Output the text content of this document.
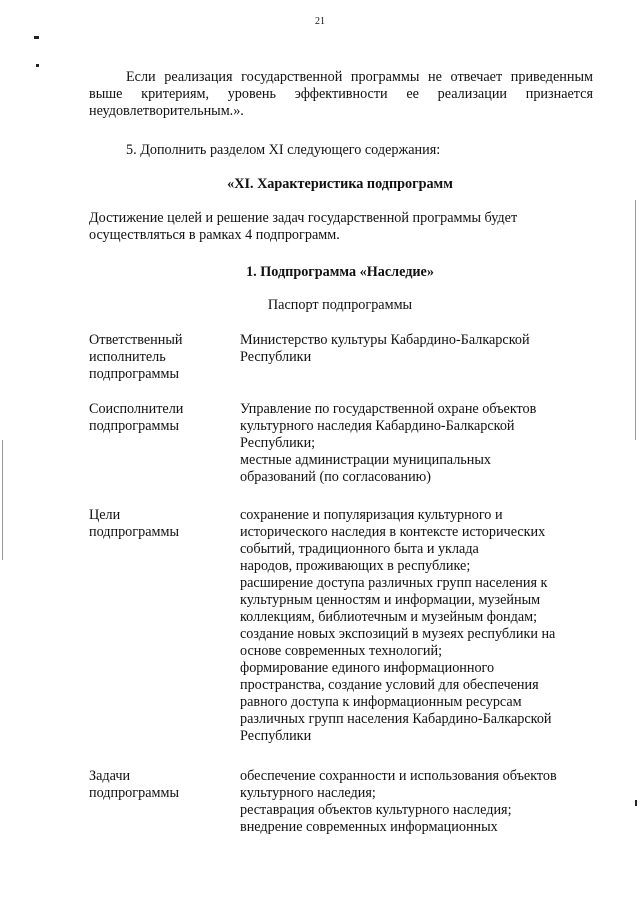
21

Если реализация государственной программы не отвечает приведенным выше критериям, уровень эффективности ее реализации признается неудовлетворительным.».

5. Дополнить разделом XI следующего содержания:

«XI. Характеристика подпрограмм

Достижение целей и решение задач государственной программы будет осуществляться в рамках 4 подпрограмм.

1. Подпрограмма «Наследие»

Паспорт подпрограммы

Ответственный
исполнитель
подпрограммы
Министерство культуры Кабардино-Балкарской
Республики
Соисполнители
подпрограммы
Управление по государственной охране объектов
культурного наследия Кабардино-Балкарской
Республики;
местные администрации муниципальных
образований (по согласованию)
Цели
подпрограммы
сохранение и популяризация культурного и
исторического наследия в контексте исторических
событий, традиционного быта и уклада
народов, проживающих в республике;
расширение доступа различных групп населения к
культурным ценностям и информации, музейным
коллекциям, библиотечным и музейным фондам;
создание новых экспозиций в музеях республики на
основе современных технологий;
формирование единого информационного
пространства, создание условий для обеспечения
равного доступа к информационным ресурсам
различных групп населения Кабардино-Балкарской
Республики
Задачи
подпрограммы
обеспечение сохранности и использования объектов
культурного наследия;
реставрация объектов культурного наследия;
внедрение современных информационных
